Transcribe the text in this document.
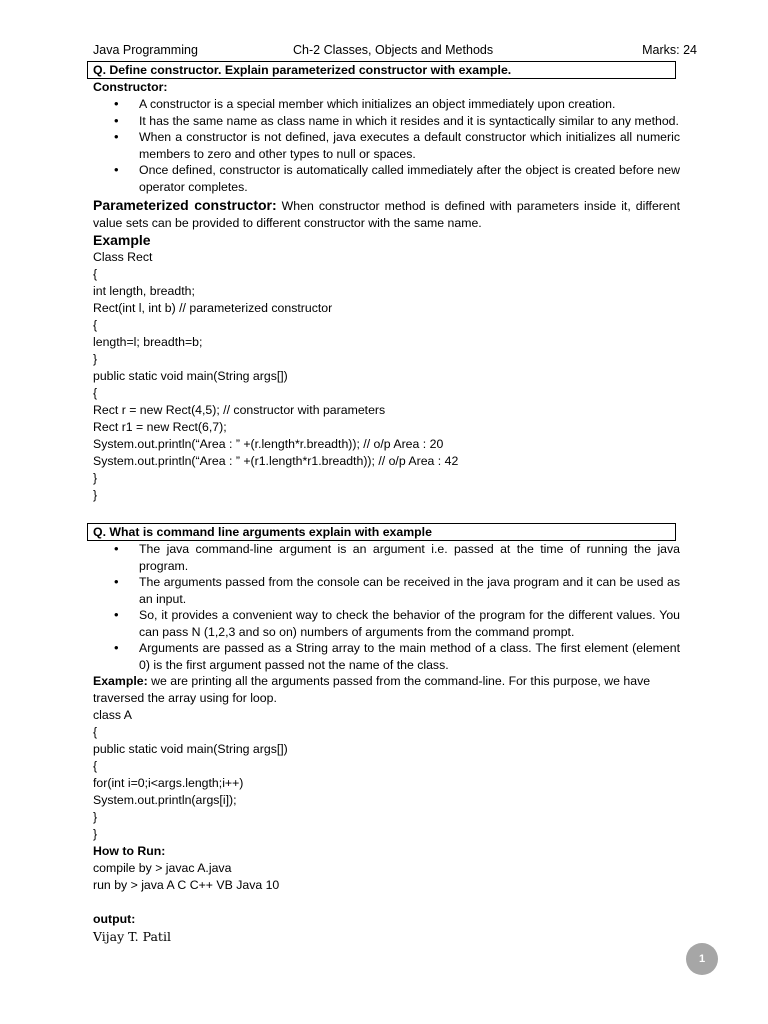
Java Programming	Ch-2 Classes, Objects and Methods	Marks: 24
Q. Define constructor. Explain parameterized constructor with example.
Constructor:
• A constructor is a special member which initializes an object immediately upon creation.
• It has the same name as class name in which it resides and it is syntactically similar to any method.
• When a constructor is not defined, java executes a default constructor which initializes all numeric members to zero and other types to null or spaces.
• Once defined, constructor is automatically called immediately after the object is created before new operator completes.
Parameterized constructor: When constructor method is defined with parameters inside it, different value sets can be provided to different constructor with the same name.
Example
Class Rect
{
int length, breadth;
Rect(int l, int b) // parameterized constructor
{
length=l; breadth=b;
}
public static void main(String args[])
{
Rect r = new Rect(4,5); // constructor with parameters
Rect r1 = new Rect(6,7);
System.out.println(“Area : ” +(r.length*r.breadth)); // o/p Area : 20
System.out.println(“Area : ” +(r1.length*r1.breadth)); // o/p Area : 42
}
}
Q. What is command line arguments explain with example
• The java command-line argument is an argument i.e. passed at the time of running the java program.
• The arguments passed from the console can be received in the java program and it can be used as an input.
• So, it provides a convenient way to check the behavior of the program for the different values. You can pass N (1,2,3 and so on) numbers of arguments from the command prompt.
• Arguments are passed as a String array to the main method of a class. The first element (element 0) is the first argument passed not the name of the class.
Example: we are printing all the arguments passed from the command-line. For this purpose, we have traversed the array using for loop.
class A
{
public static void main(String args[])
{
for(int i=0;i<args.length;i++)
System.out.println(args[i]);
}
}
How to Run:
compile by > javac A.java
run by > java A C C++ VB Java 10
output:
Vijay T. Patil
1
